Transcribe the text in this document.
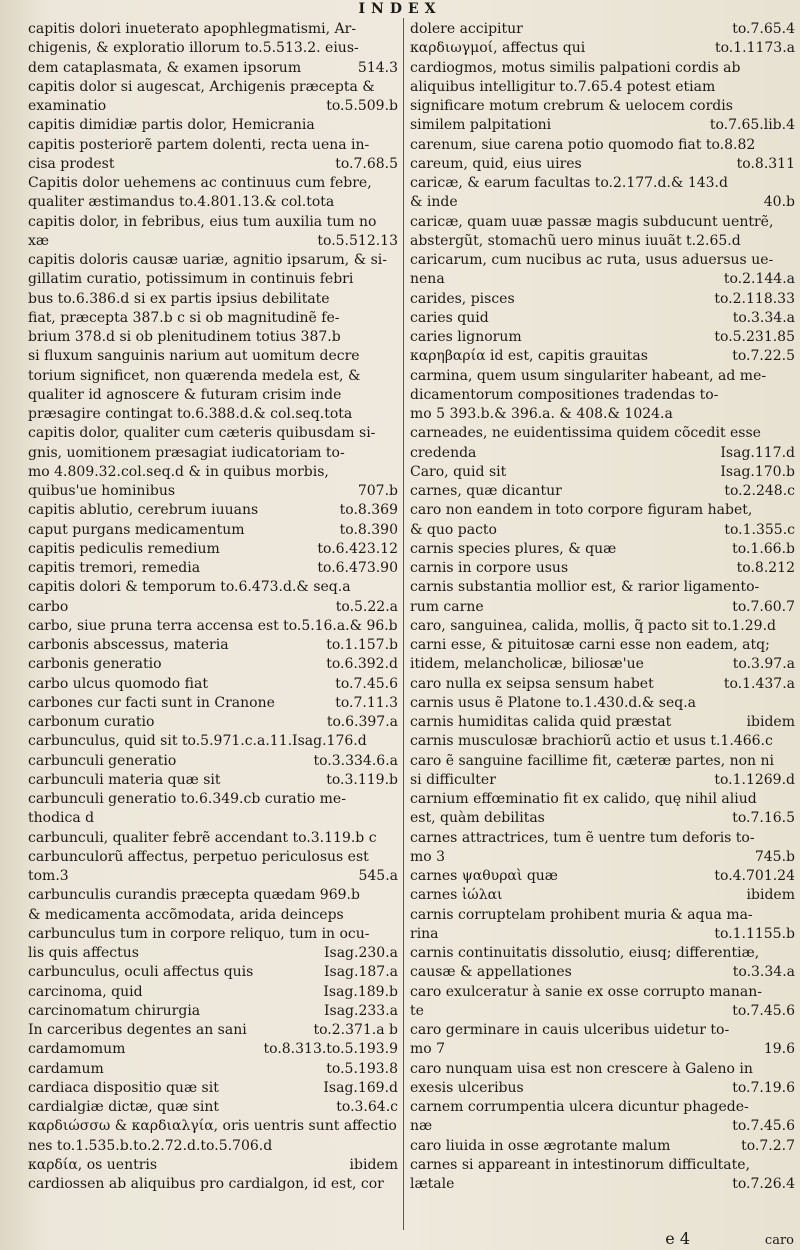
INDEX
capitis dolori inueterato apophlegmatismi, Ar-
chigenis, & exploratio illorum to.5.513.2. eius-
dem cataplasmata, & examen ipsorum	514.3
capitis dolor si augescat, Archigenis præcepta &
examinatio	to.5.509.b
capitis dimidiæ partis dolor, Hemicrania
capitis posteriorẽ partem dolenti, recta uena in-
cisa prodest	to.7.68.5
Capitis dolor uehemens ac continuus cum febre,
qualiter æstimandus to.4.801.13.& col.tota
capitis dolor, in febribus, eius tum auxilia tum no
xæ	to.5.512.13
capitis doloris causæ uariæ, agnitio ipsarum, & si-
gillatim curatio, potissimum in continuis febri
bus to.6.386.d si ex partis ipsius debilitate
fiat, præcepta 387.b c si ob magnitudinẽ fe-
brium 378.d si ob plenitudinem totius 387.b
si fluxum sanguinis narium aut uomitum decre
torium significet, non quærenda medela est, &
qualiter id agnoscere & futuram crisim inde
præsagire contingat to.6.388.d.& col.seq.tota
capitis dolor, qualiter cum cæteris quibusdam si-
gnis, uomitionem præsagiat iudicatoriam to-
mo 4.809.32.col.seq.d & in quibus morbis,
quibus'ue hominibus	707.b
capitis ablutio, cerebrum iuuans	to.8.369
caput purgans medicamentum	to.8.390
capitis pediculis remedium	to.6.423.12
capitis tremori, remedia	to.6.473.90
capitis dolori & temporum to.6.473.d.& seq.a
carbo	to.5.22.a
carbo, siue pruna terra accensa est to.5.16.a.& 96.b
carbonis abscessus, materia	to.1.157.b
carbonis generatio	to.6.392.d
carbo ulcus quomodo fiat	to.7.45.6
carbones cur facti sunt in Cranone	to.7.11.3
carbonum curatio	to.6.397.a
carbunculus, quid sit to.5.971.c.a.11.Isag.176.d
carbunculi generatio	to.3.334.6.a
carbunculi materia quæ sit	to.3.119.b
carbunculi generatio to.6.349.cb curatio me-
thodica d
carbunculi, qualiter febrẽ accendant to.3.119.b c
carbunculorũ affectus, perpetuo periculosus est
tom.3	545.a
carbunculis curandis præcepta quædam 969.b
& medicamenta accõmodata, arida deinceps
carbunculus tum in corpore reliquo, tum in ocu-
lis quis affectus	Isag.230.a
carbunculus, oculi affectus quis	Isag.187.a
carcinoma, quid	Isag.189.b
carcinomatum chirurgia	Isag.233.a
In carceribus degentes an sani	to.2.371.a b
cardamomum	to.8.313.to.5.193.9
cardamum	to.5.193.8
cardiaca dispositio quæ sit	Isag.169.d
cardialgiæ dictæ, quæ sint	to.3.64.c
καρδιώσσω & καρδιαλγία, oris uentris sunt affectio
nes to.1.535.b.to.2.72.d.to.5.706.d
καρδία, os uentris	ibidem
cardiossen ab aliquibus pro cardialgon, id est, cor
dolere accipitur	to.7.65.4
καρδιωγμοί, affectus qui	to.1.1173.a
cardiogmos, motus similis palpationi cordis ab
aliquibus intelligitur to.7.65.4 potest etiam
significare motum crebrum & uelocem cordis
similem palpitationi	to.7.65.lib.4
carenum, siue carena potio quomodo fiat to.8.82
careum, quid, eius uires	to.8.311
caricæ, & earum facultas to.2.177.d.& 143.d
& inde	40.b
caricæ, quam uuæ passæ magis subducunt uentrẽ,
abstergũt, stomachũ uero minus iuuãt t.2.65.d
caricarum, cum nucibus ac ruta, usus aduersus ue-
nena	to.2.144.a
carides, pisces	to.2.118.33
caries quid	to.3.34.a
caries lignorum	to.5.231.85
καρηβαρία id est, capitis grauitas	to.7.22.5
carmina, quem usum singulariter habeant, ad me-
dicamentorum compositiones tradendas to-
mo 5 393.b.& 396.a. & 408.& 1024.a
carneades, ne euidentissima quidem cõcedit esse
credenda	Isag.117.d
Caro, quid sit	Isag.170.b
carnes, quæ dicantur	to.2.248.c
caro non eandem in toto corpore figuram habet,
& quo pacto	to.1.355.c
carnis species plures, & quæ	to.1.66.b
carnis in corpore usus	to.8.212
carnis substantia mollior est, & rarior ligamento-
rum carne	to.7.60.7
caro, sanguinea, calida, mollis, q̃ pacto sit to.1.29.d
carni esse, & pituitosæ carni esse non eadem, atq;
itidem, melancholicæ, biliosæ'ue	to.3.97.a
caro nulla ex seipsa sensum habet	to.1.437.a
carnis usus ẽ Platone to.1.430.d.& seq.a
carnis humiditas calida quid præstat	ibidem
carnis musculosæ brachiorũ actio et usus t.1.466.c
caro ẽ sanguine facillime fit, cæteræ partes, non ni
si difficulter	to.1.1269.d
carnium effœminatio fit ex calido, quę nihil aliud
est, quàm debilitas	to.7.16.5
carnes attractrices, tum ẽ uentre tum deforis to-
mo 3	745.b
carnes ψαθυραὶ quæ	to.4.701.24
carnes ἰώλαι	ibidem
carnis corruptelam prohibent muria & aqua ma-
rina	to.1.1155.b
carnis continuitatis dissolutio, eiusq; differentiæ,
causæ & appellationes	to.3.34.a
caro exulceratur à sanie ex osse corrupto manan-
te	to.7.45.6
caro germinare in cauis ulceribus uidetur to-
mo 7	19.6
caro nunquam uisa est non crescere à Galeno in
exesis ulceribus	to.7.19.6
carnem corrumpentia ulcera dicuntur phagede-
næ	to.7.45.6
caro liuida in osse ægrotante malum	to.7.2.7
carnes si appareant in intestinorum difficultate,
lætale	to.7.26.4
e 4	caro
